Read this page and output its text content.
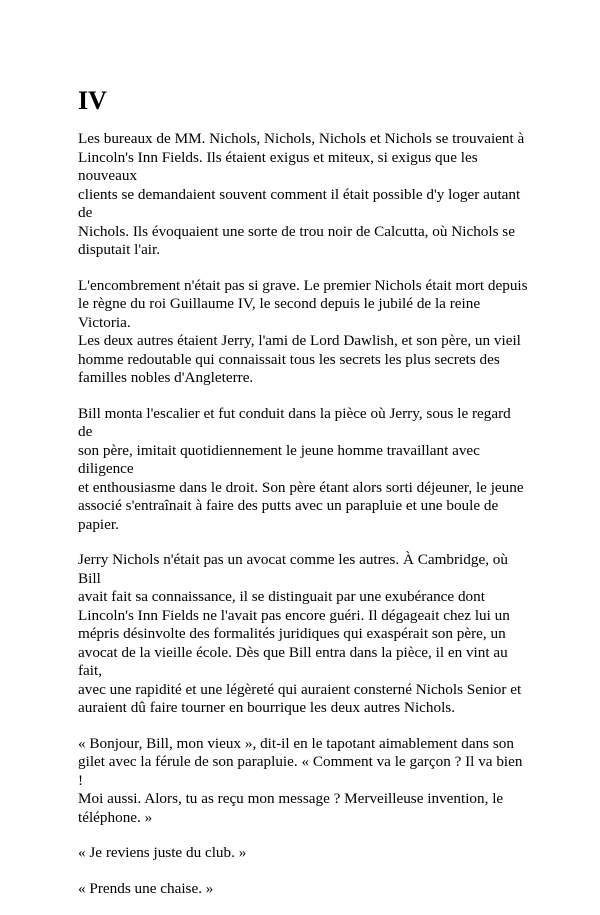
IV

Les bureaux de MM. Nichols, Nichols, Nichols et Nichols se trouvaient à
Lincoln's Inn Fields. Ils étaient exigus et miteux, si exigus que les nouveaux
clients se demandaient souvent comment il était possible d'y loger autant de
Nichols. Ils évoquaient une sorte de trou noir de Calcutta, où Nichols se
disputait l'air.

L'encombrement n'était pas si grave. Le premier Nichols était mort depuis
le règne du roi Guillaume IV, le second depuis le jubilé de la reine Victoria.
Les deux autres étaient Jerry, l'ami de Lord Dawlish, et son père, un vieil
homme redoutable qui connaissait tous les secrets les plus secrets des
familles nobles d'Angleterre.

Bill monta l'escalier et fut conduit dans la pièce où Jerry, sous le regard de
son père, imitait quotidiennement le jeune homme travaillant avec diligence
et enthousiasme dans le droit. Son père étant alors sorti déjeuner, le jeune
associé s'entraînait à faire des putts avec un parapluie et une boule de
papier.

Jerry Nichols n'était pas un avocat comme les autres. À Cambridge, où Bill
avait fait sa connaissance, il se distinguait par une exubérance dont
Lincoln's Inn Fields ne l'avait pas encore guéri. Il dégageait chez lui un
mépris désinvolte des formalités juridiques qui exaspérait son père, un
avocat de la vieille école. Dès que Bill entra dans la pièce, il en vint au fait,
avec une rapidité et une légèreté qui auraient consterné Nichols Senior et
auraient dû faire tourner en bourrique les deux autres Nichols.

« Bonjour, Bill, mon vieux », dit-il en le tapotant aimablement dans son
gilet avec la férule de son parapluie. « Comment va le garçon ? Il va bien !
Moi aussi. Alors, tu as reçu mon message ? Merveilleuse invention, le
téléphone. »

« Je reviens juste du club. »

« Prends une chaise. »
